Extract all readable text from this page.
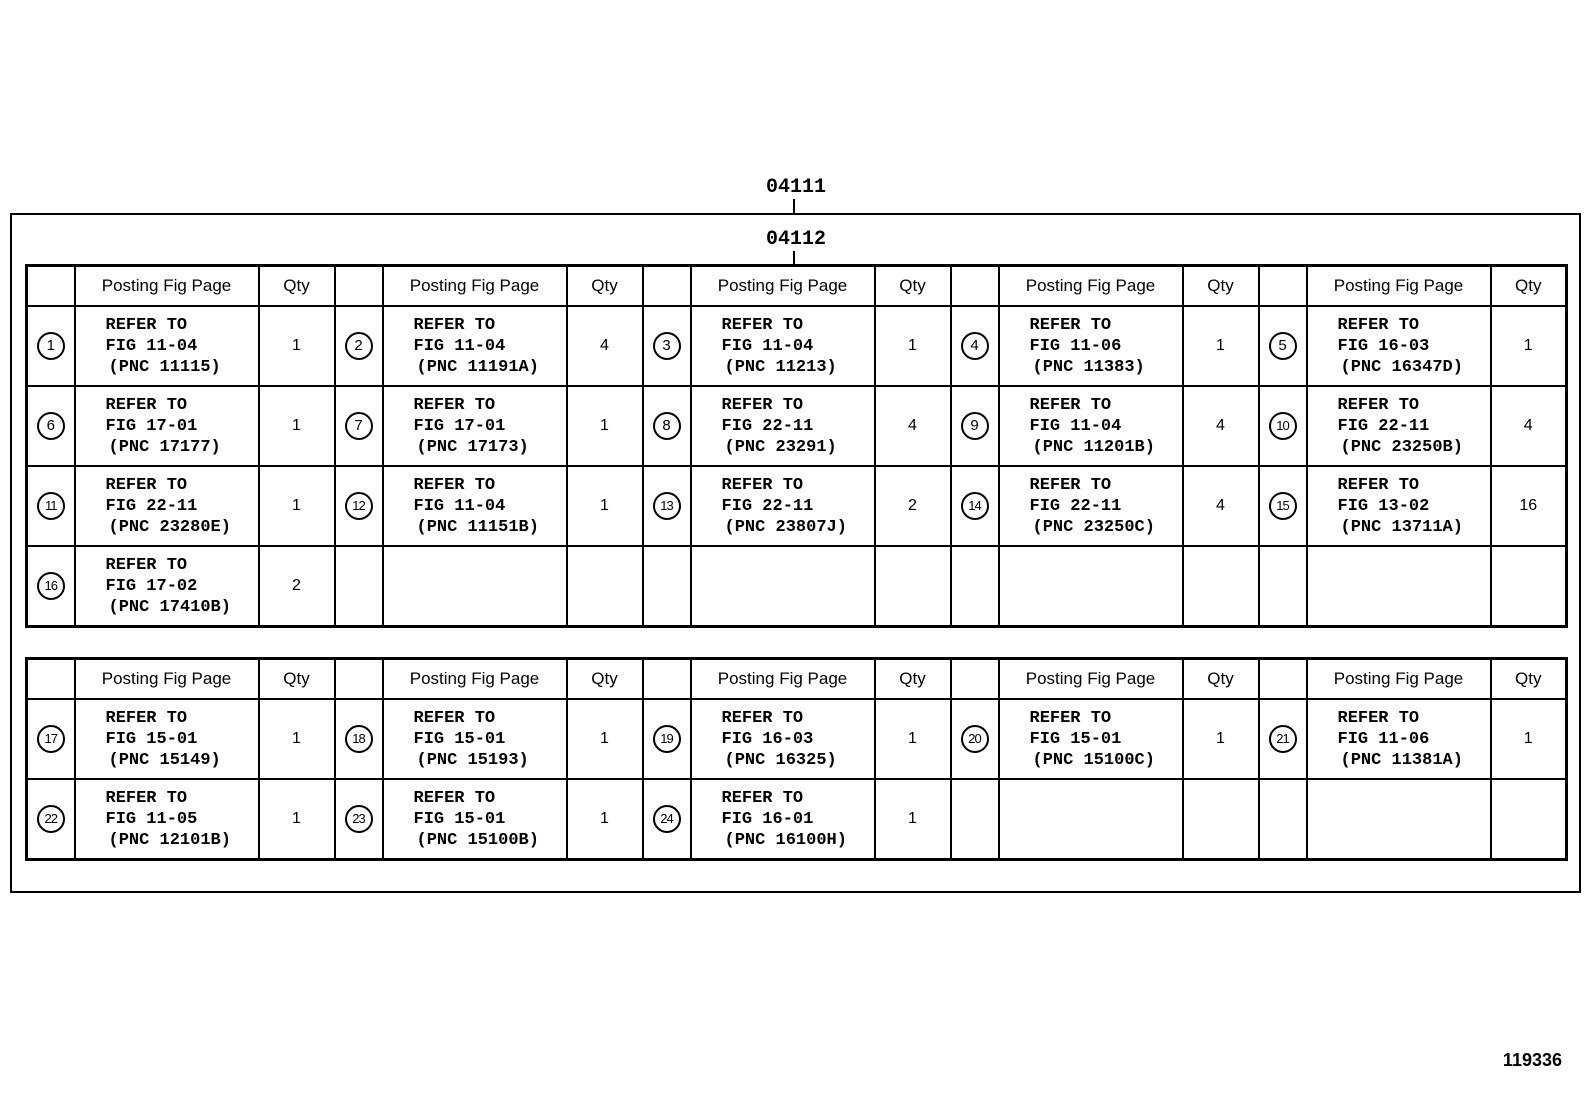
04111
04112
	Posting Fig Page	Qty		Posting Fig Page	Qty		Posting Fig Page	Qty		Posting Fig Page	Qty		Posting Fig Page	Qty
1	REFER TO
FIG 11-04
(PNC 11115)	1	2	REFER TO
FIG 11-04
(PNC 11191A)	4	3	REFER TO
FIG 11-04
(PNC 11213)	1	4	REFER TO
FIG 11-06
(PNC 11383)	1	5	REFER TO
FIG 16-03
(PNC 16347D)	1
6	REFER TO
FIG 17-01
(PNC 17177)	1	7	REFER TO
FIG 17-01
(PNC 17173)	1	8	REFER TO
FIG 22-11
(PNC 23291)	4	9	REFER TO
FIG 11-04
(PNC 11201B)	4	10	REFER TO
FIG 22-11
(PNC 23250B)	4
11	REFER TO
FIG 22-11
(PNC 23280E)	1	12	REFER TO
FIG 11-04
(PNC 11151B)	1	13	REFER TO
FIG 22-11
(PNC 23807J)	2	14	REFER TO
FIG 22-11
(PNC 23250C)	4	15	REFER TO
FIG 13-02
(PNC 13711A)	16
16	REFER TO
FIG 17-02
(PNC 17410B)	2												
	Posting Fig Page	Qty		Posting Fig Page	Qty		Posting Fig Page	Qty		Posting Fig Page	Qty		Posting Fig Page	Qty
17	REFER TO
FIG 15-01
(PNC 15149)	1	18	REFER TO
FIG 15-01
(PNC 15193)	1	19	REFER TO
FIG 16-03
(PNC 16325)	1	20	REFER TO
FIG 15-01
(PNC 15100C)	1	21	REFER TO
FIG 11-06
(PNC 11381A)	1
22	REFER TO
FIG 11-05
(PNC 12101B)	1	23	REFER TO
FIG 15-01
(PNC 15100B)	1	24	REFER TO
FIG 16-01
(PNC 16100H)	1						
119336
